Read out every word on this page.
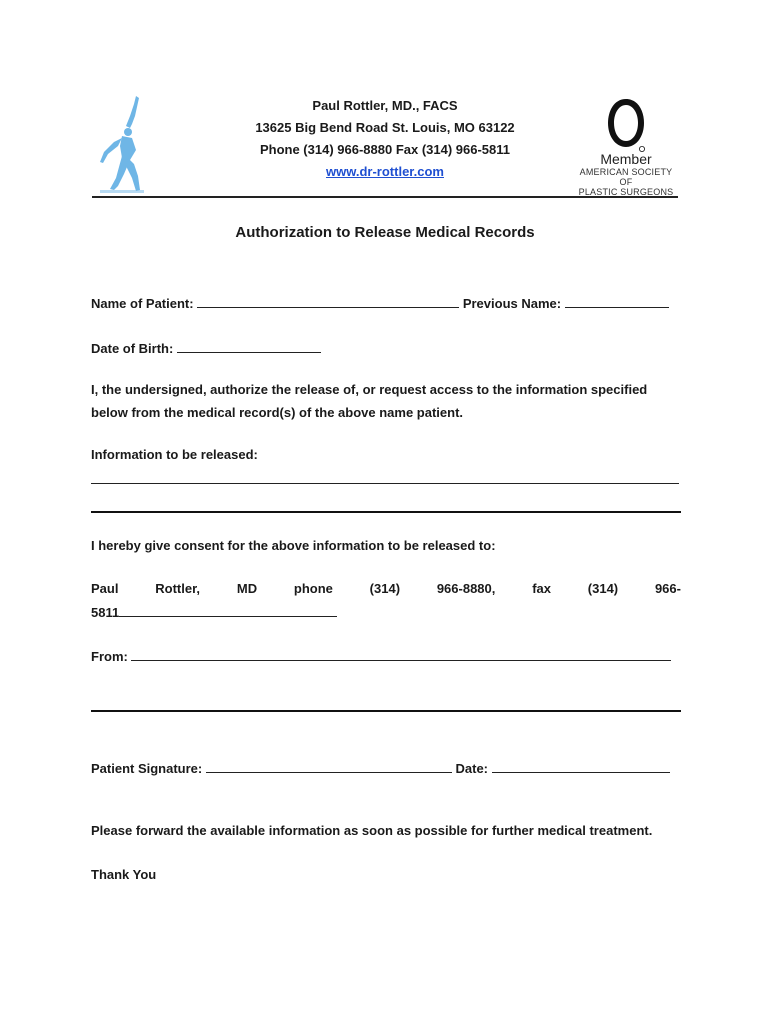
Paul Rottler, MD., FACS
13625 Big Bend Road St. Louis, MO 63122
Phone (314) 966-8880 Fax (314) 966-5811
www.dr-rottler.com
Member
AMERICAN SOCIETY OF
PLASTIC SURGEONS
Authorization to Release Medical Records
Name of Patient:	Previous Name:
Date of Birth:
I, the undersigned, authorize the release of, or request access to the information specified below from the medical record(s) of the above name patient.
Information to be released:
I hereby give consent for the above information to be released to:
Paul	Rottler,	MD	phone	(314)	966-8880,	fax	(314)	966-
5811
From:
Patient Signature:	Date:
Please forward the available information as soon as possible for further medical treatment.
Thank You
